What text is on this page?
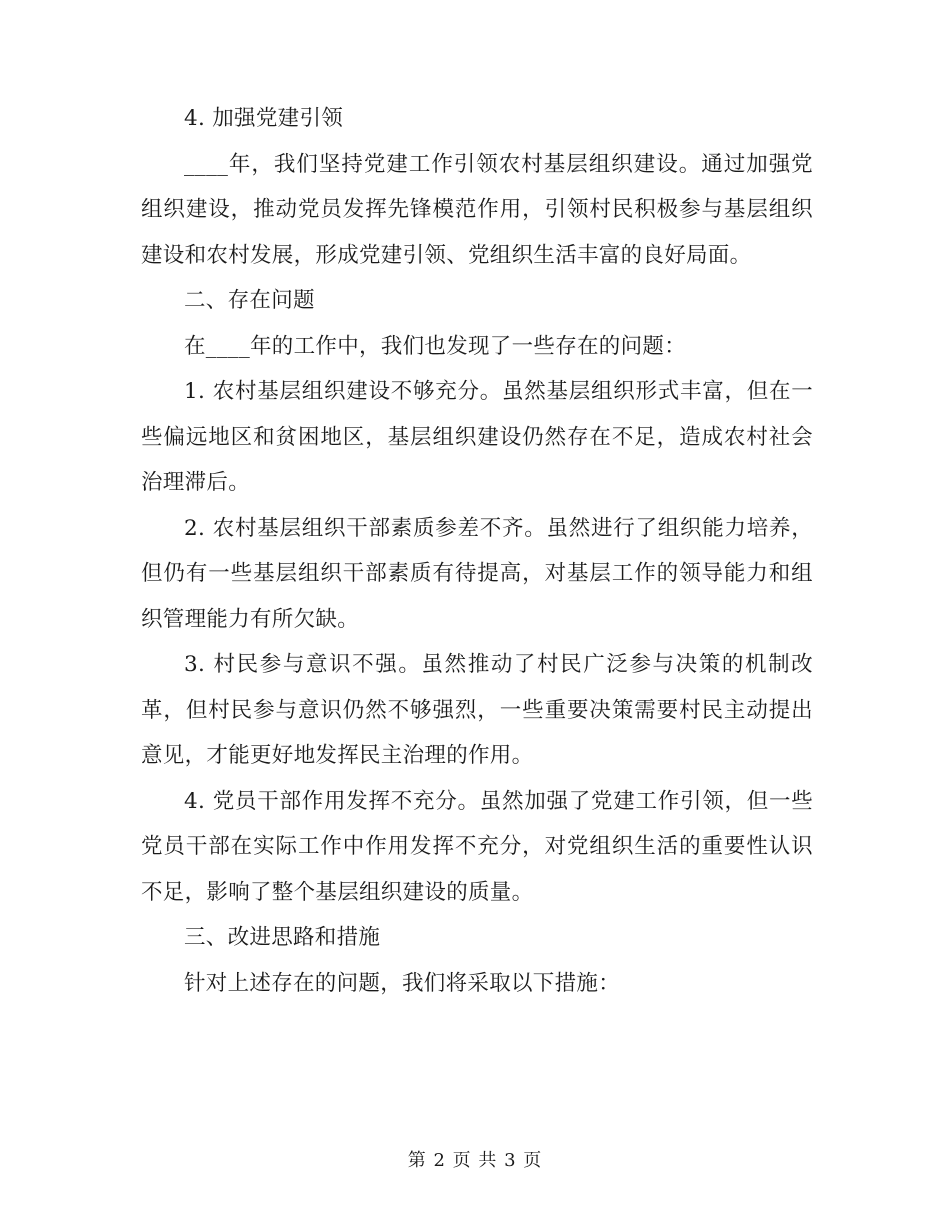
4. 加强党建引领

____年，我们坚持党建工作引领农村基层组织建设。通过加强党组织建设，推动党员发挥先锋模范作用，引领村民积极参与基层组织建设和农村发展，形成党建引领、党组织生活丰富的良好局面。

二、存在问题

在____年的工作中，我们也发现了一些存在的问题：

1. 农村基层组织建设不够充分。虽然基层组织形式丰富，但在一些偏远地区和贫困地区，基层组织建设仍然存在不足，造成农村社会治理滞后。

2. 农村基层组织干部素质参差不齐。虽然进行了组织能力培养，但仍有一些基层组织干部素质有待提高，对基层工作的领导能力和组织管理能力有所欠缺。

3. 村民参与意识不强。虽然推动了村民广泛参与决策的机制改革，但村民参与意识仍然不够强烈，一些重要决策需要村民主动提出意见，才能更好地发挥民主治理的作用。

4. 党员干部作用发挥不充分。虽然加强了党建工作引领，但一些党员干部在实际工作中作用发挥不充分，对党组织生活的重要性认识不足，影响了整个基层组织建设的质量。

三、改进思路和措施

针对上述存在的问题，我们将采取以下措施：

第 2 页 共 3 页
